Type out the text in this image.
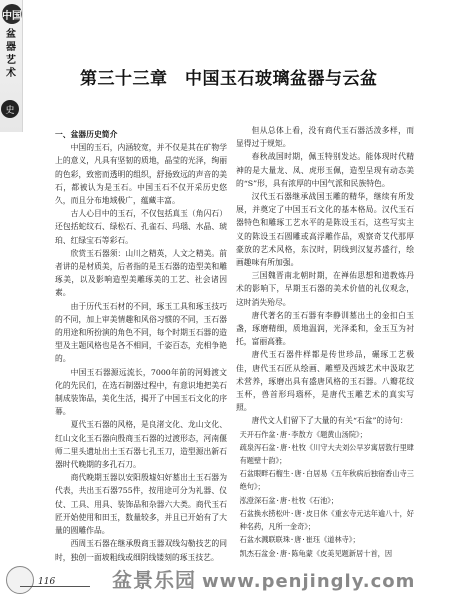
中国
盆
器
艺
术
史
第三十三章　中国玉石玻璃盆器与云盆

一、盆器历史简介

中国的玉石，内涵较宽，并不仅是其在矿物学上的意义，凡具有坚韧的质地，晶莹的光泽，绚丽的色彩，致密而透明的组织，舒扬致远的声音的美石，都被认为是玉石。中国玉石不仅开采历史悠久，而且分布地域极广，蕴藏丰富。

古人心目中的玉石，不仅包括真玉（角闪石）还包括蛇纹石、绿松石、孔雀石、玛瑙、水晶、琥珀、红绿宝石等彩石。

欣赏玉石器须：山川之精英，人文之精美。前者讲的是材质美，后者指的是玉石器的造型美和雕琢美，以及影响造型美雕琢美的工艺、社会诸因素。

由于历代玉石材的不同，琢玉工具和琢玉技巧的不同，加上审美情趣和风俗习惯的不同，玉石器的用途和所扮演的角色不同，每个时期玉石器的造型及主题风格也是各不相同，千姿百态，充相争艳的。

中国玉石器源远流长，7000年前的河姆渡文化的先民们，在选石制器过程中，有意识地把美石制成装饰品，美化生活，揭开了中国玉石文化的序幕。

夏代玉石器的风格，是良渚文化、龙山文化、红山文化玉石器向殷商玉石器的过渡形态，河南偃师二里头遗址出土玉石器七孔玉刀，造型源出新石器时代晚期的多孔石刀。

商代晚期玉器以安阳殷墟妇好墓出土玉石器为代表，共出玉石器755件，按用途可分为礼器、仪仗、工具、用具、装饰品和杂器六大类。商代玉石匠开始使用和田玉，数量较多，并且已开始有了大量的圆雕作品。

西周玉石器在继承殷商玉器双线勾勒技艺的同时，独创一面坡粗线或细阴线镂刻的琢玉技艺。

但从总体上看，没有商代玉石器活泼多样，而显得过于规矩。

春秋战国时期，佩玉特别发达。能体现时代精神的是大量龙、凤、虎形玉佩，造型呈现有动态美的“S”形，具有浓厚的中国气派和民族特色。

汉代玉石器继承战国玉雕的精华，继续有所发展，并奠定了中国玉石文化的基本格局。汉代玉石器特色和雕琢工艺水平的是陈设玉石，这些写实主义的陈设玉石圆雕或高浮雕作品，观察奇艾代那厚豪放的艺术风格，东汉时，阴线到汉复苏盛行，绘画趣味有所加强。

三国魏晋南北朝时期，在禅佑思想和道教炼丹术的影响下，早期玉石器的美术价值的礼仪观念，这时消失殆尽。

唐代著名的玉石器有李静训墓出土的金扣白玉盏，琢磨精细，质地温润，光泽柔和，金玉互为衬托，富丽高雅。

唐代玉石器件样都是传世珍品，碾琢工艺极佳，唐代玉石匠从绘画、雕塑及西域艺术中汲取艺术营养，琢磨出具有盛唐风格的玉石器。八瓣花纹玉杯，兽首形玛瑙杯，是唐代玉雕艺术的真实写照。

唐代文人们留下了大量的有关“石盆”的诗句：

天开石作盆·唐·李敖方《题黄山汤院》；

疏泉泻石盆·唐·杜牧《川守大夫刘公早岁寓居敦行里肆有题壁十韵》；

石盆眼畔石榴生·唐·白居易《五年秋病后独宿香山寺三绝句》；

泓澄深石盆·唐·杜牧《石池》；

石盆换水捞松叶·唐·皮日休《重玄寺元达年逾八十，好种名药，凡所一金奇》；

石盆水溅联联珠·唐·崔珏《道林寺》；

凯杰石盆金·唐·陈龟蒙《皮美见题新居十首，因

116	盆景乐园 www.penjingly.com
